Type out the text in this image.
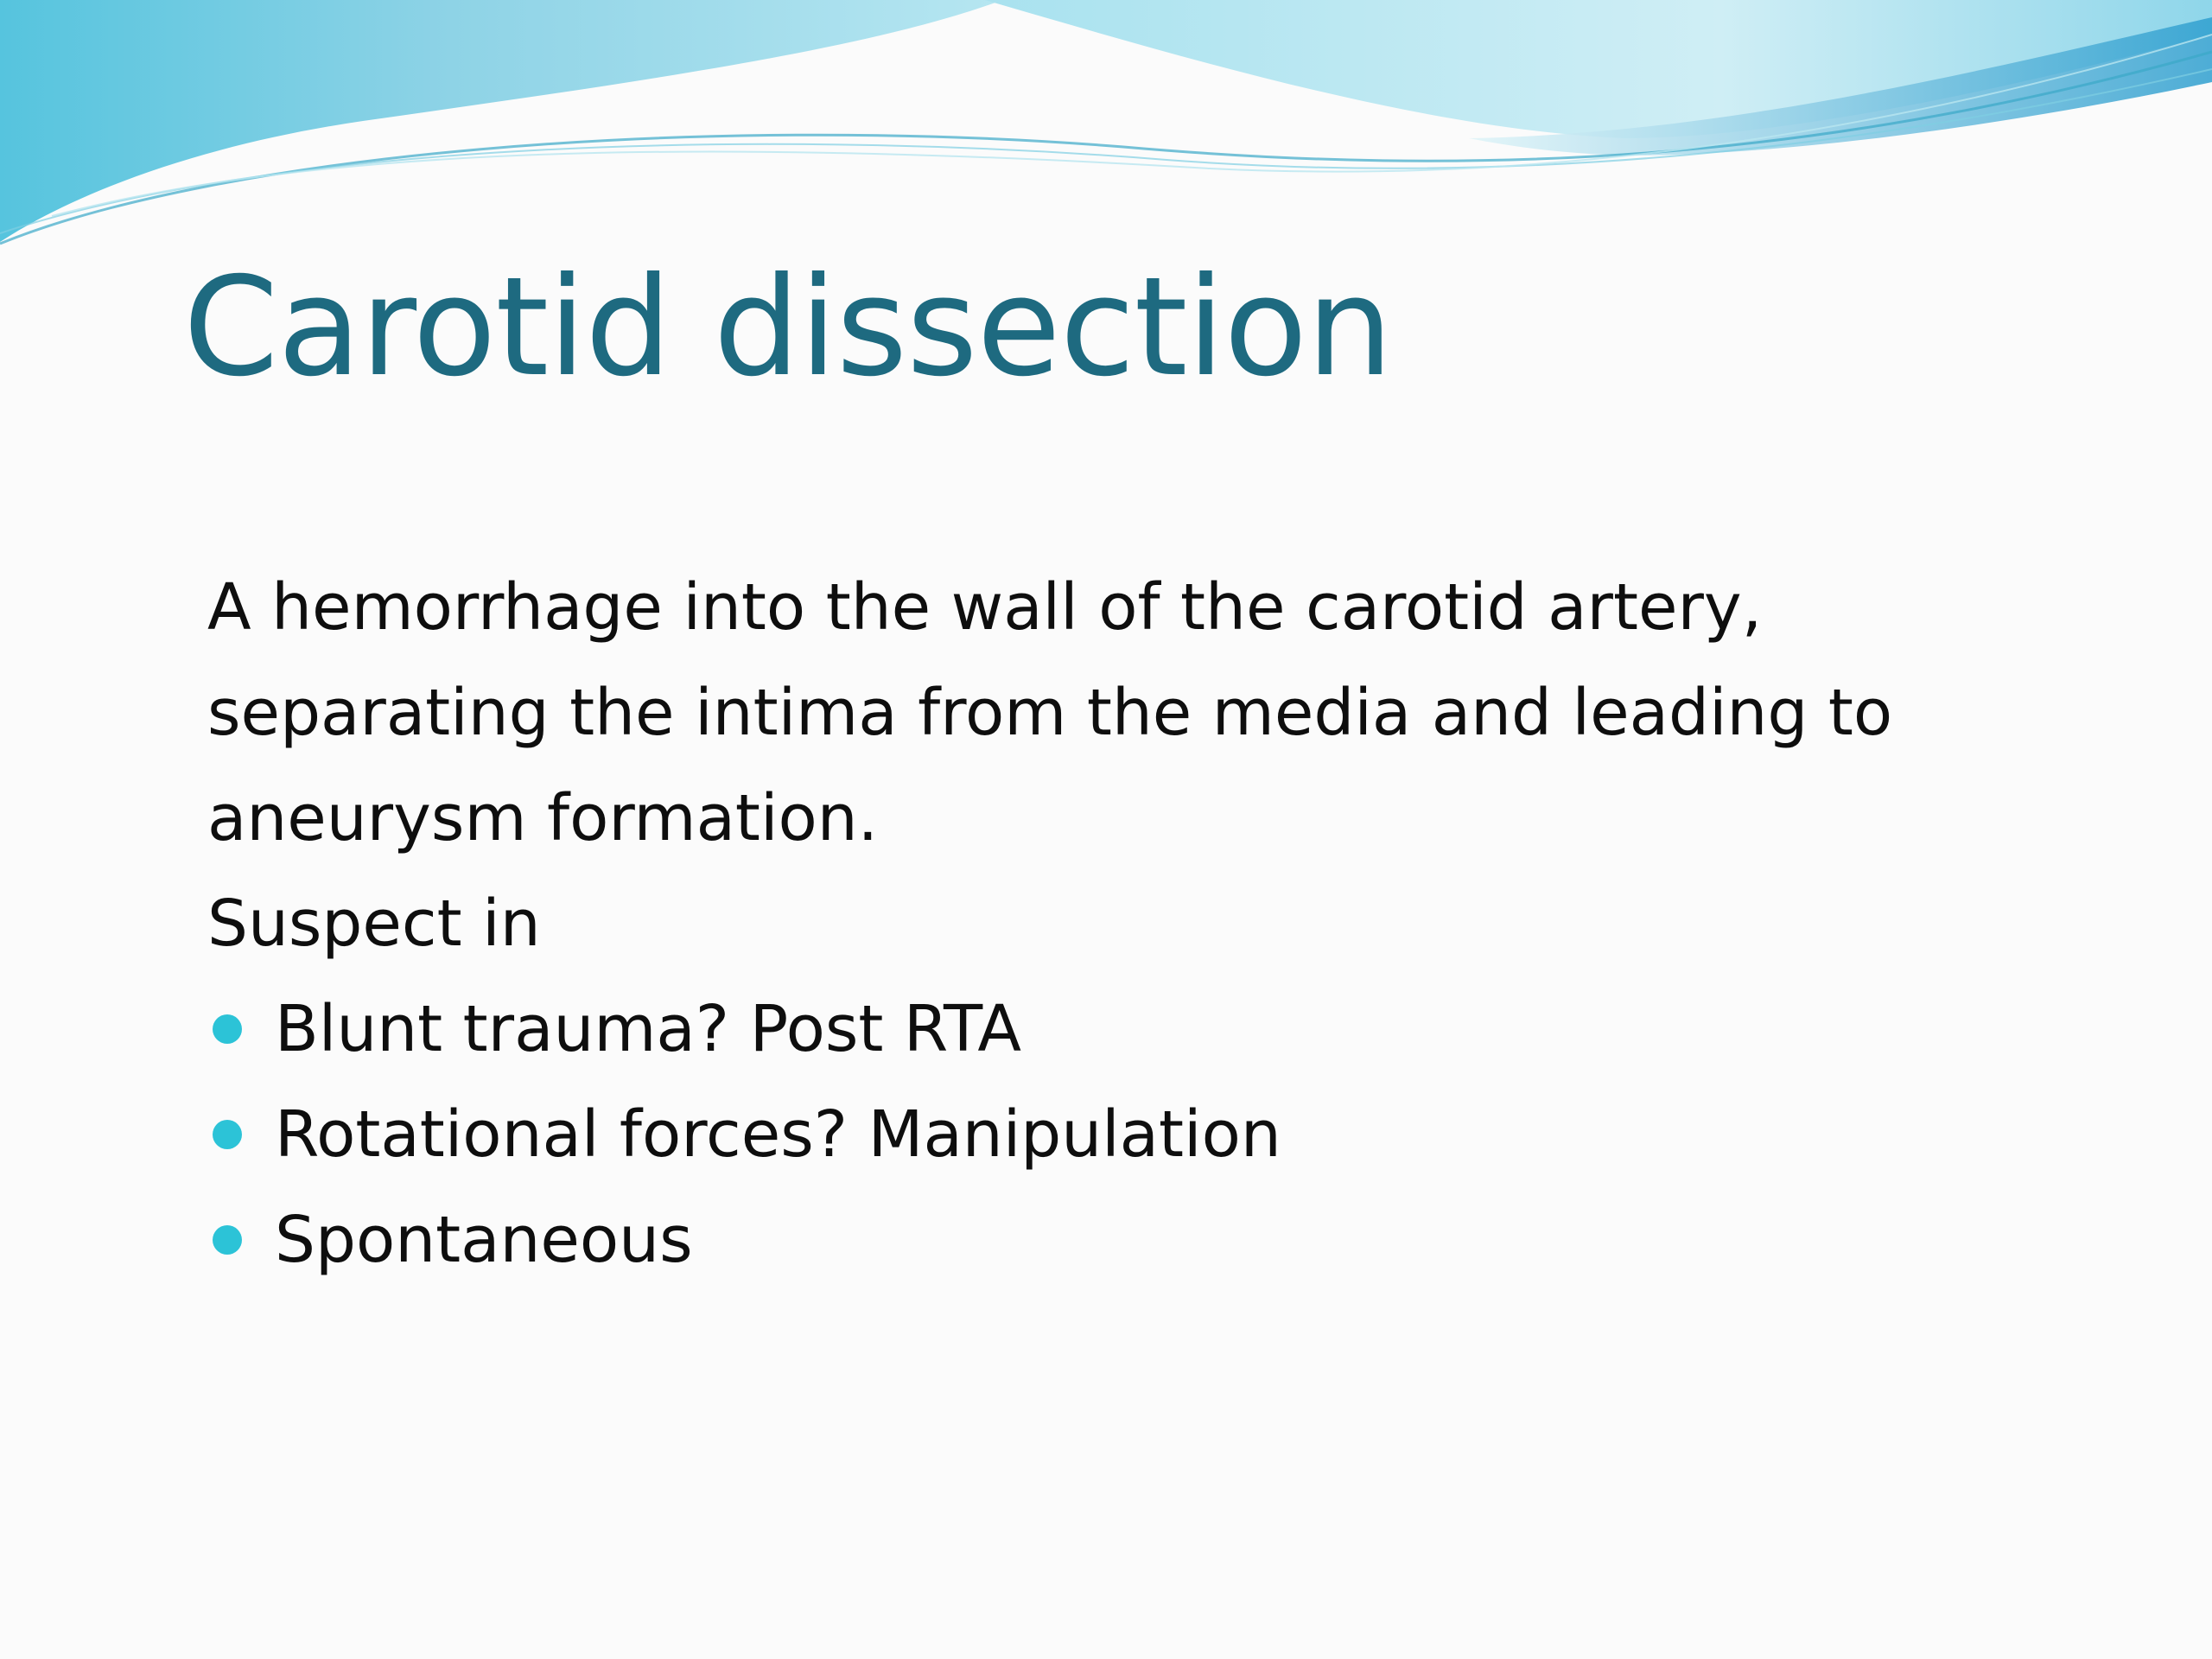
Carotid dissection

A hemorrhage into the wall of the carotid artery, separating the intima from the media and leading to aneurysm formation.

Suspect in
Blunt trauma? Post RTA
Rotational forces? Manipulation
Spontaneous
